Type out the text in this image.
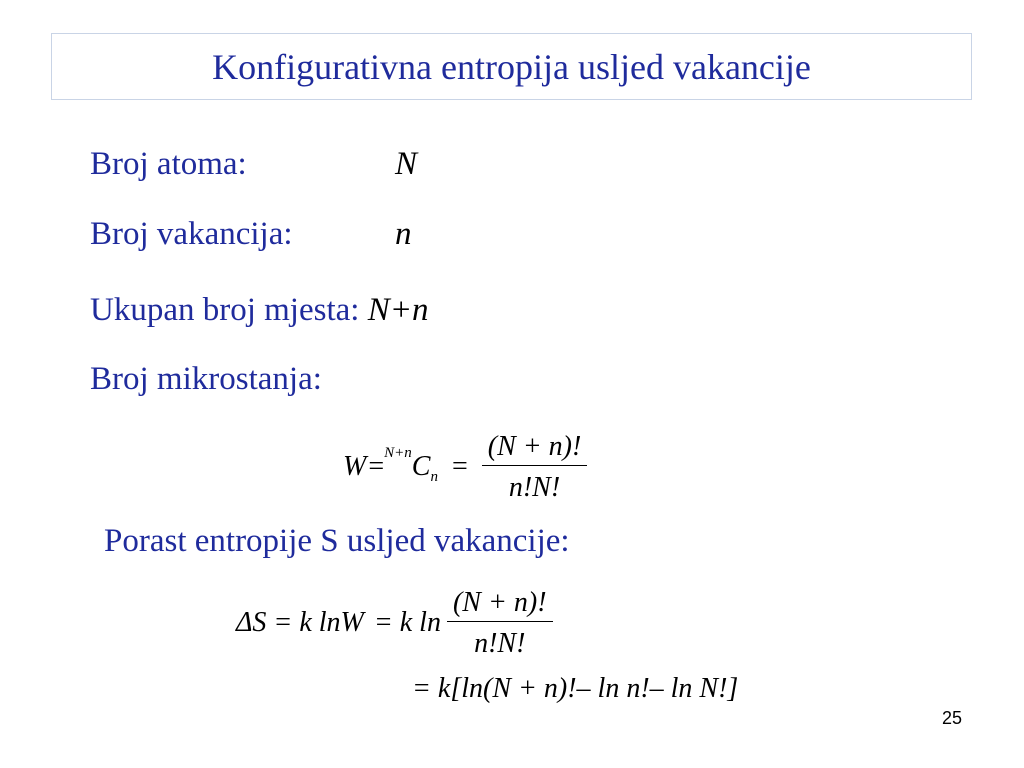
Konfigurativna entropija usljed vakancije
Broj atoma:	N
Broj vakancija:	n
Ukupan broj mjesta: N+n
Broj mikrostanja:
W = N+n C $n = \frac{(N + n)!}{n!N!}$
Porast entropije S usljed vakancije:
ΔS = k lnW = k $\ln \frac{(N + n)!}{n!N!}$
= k[ln(N + n)!– ln n!– ln N!]
25
